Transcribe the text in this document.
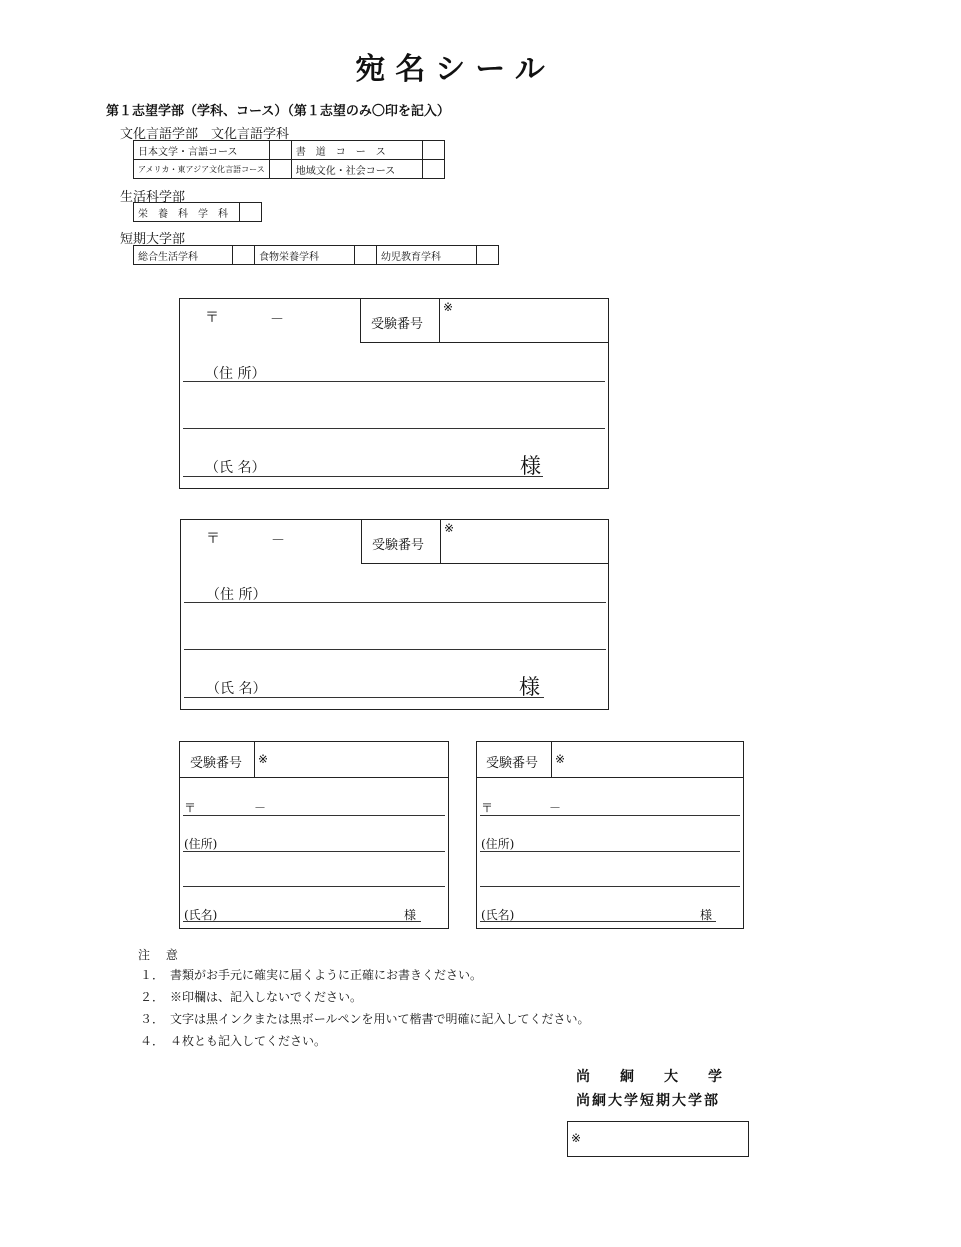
宛名シール
第１志望学部（学科、コース）（第１志望のみ〇印を記入）
文化言語学部　文化言語学科
日本文学・言語コース		書　道　コ　ー　ス	
アメリカ・東アジア文化言語コース		地域文化・社会コース	
生活科学部
栄　養　科　学　科	
短期大学部
総合生活学科		食物栄養学科		幼児教育学科	
〒	－	受験番号
※
（住 所）
（氏 名）	様
〒	－	受験番号
※
（住 所）
（氏 名）	様
受験番号 ※
〒	－
(住所)
(氏名)	様
受験番号 ※
〒	－
(住所)
(氏名)	様
注 意
１．　書類がお手元に確実に届くように正確にお書きください。
２．　※印欄は、記入しないでください。
３．　文字は黒インクまたは黒ボールペンを用いて楷書で明確に記入してください。
４．　４枚とも記入してください。
尚絅大学
尚絅大学短期大学部
※
